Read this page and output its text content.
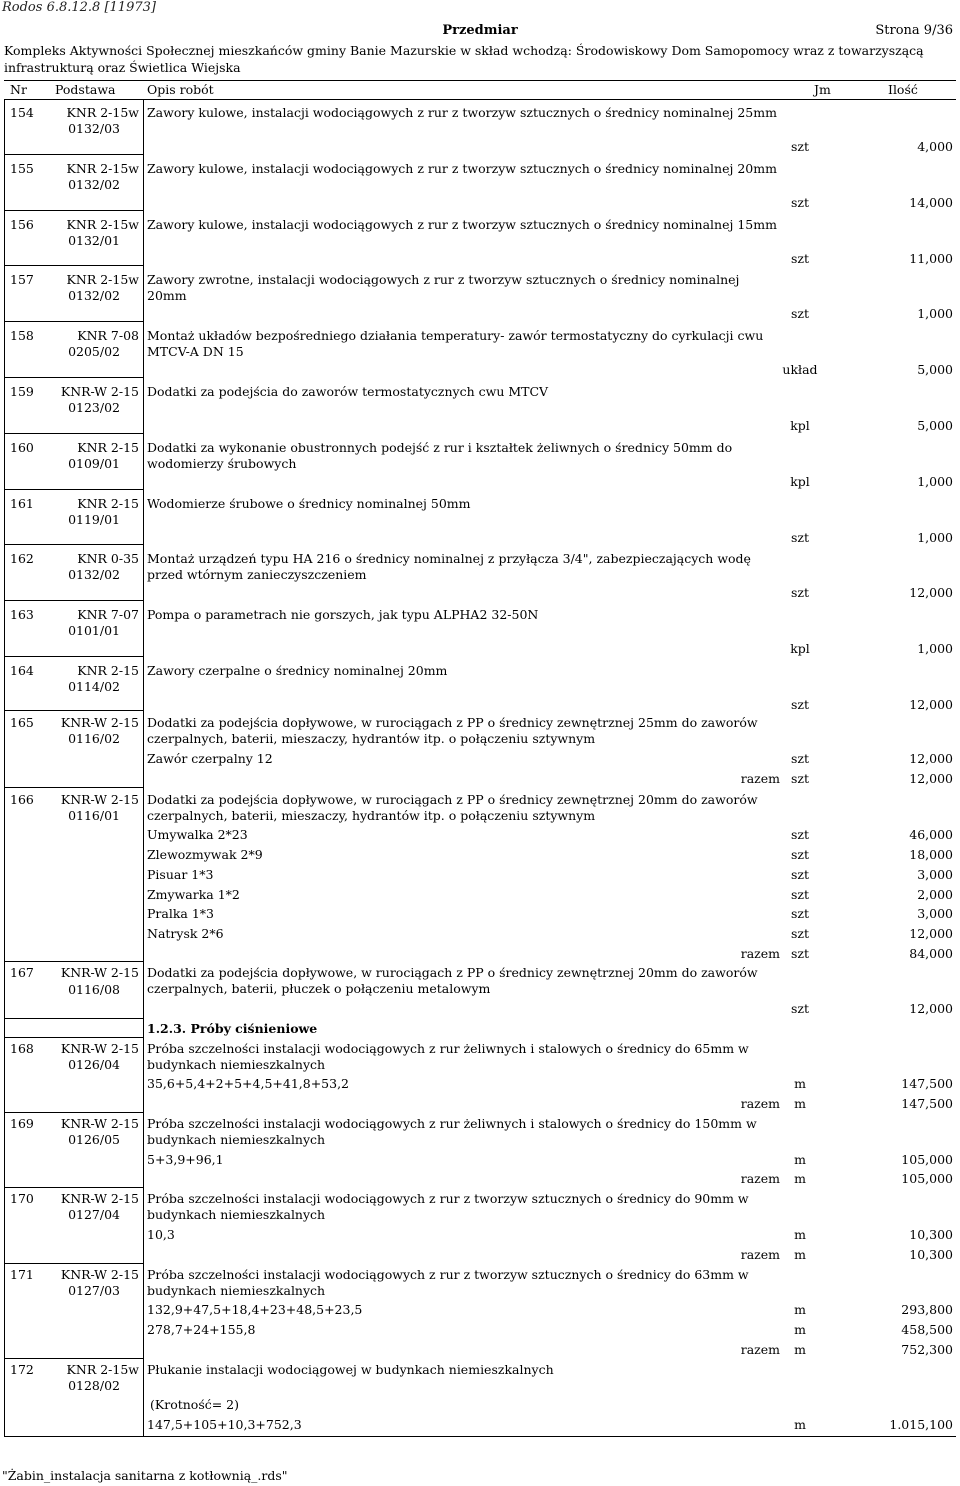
Rodos 6.8.12.8 [11973]
Przedmiar	Strona 9/36
Kompleks Aktywności Społecznej mieszkańców gminy Banie Mazurskie w skład wchodzą: Środowiskowy Dom Samopomocy wraz z towarzyszącą infrastrukturą oraz Świetlica Wiejska
Nr Podstawa	Opis robót	Jm	Ilość
154	KNR 2-15w
0132/03
Zawory kulowe, instalacji wodociągowych z rur z tworzyw sztucznych o średnicy nominalnej 25mm
szt	4,000
155	KNR 2-15w
0132/02
Zawory kulowe, instalacji wodociągowych z rur z tworzyw sztucznych o średnicy nominalnej 20mm
szt	14,000
156	KNR 2-15w
0132/01
Zawory kulowe, instalacji wodociągowych z rur z tworzyw sztucznych o średnicy nominalnej 15mm
szt	11,000
157	KNR 2-15w
0132/02
Zawory zwrotne, instalacji wodociągowych z rur z tworzyw sztucznych o średnicy nominalnej 20mm
szt	1,000
158	KNR 7-08
0205/02
Montaż układów bezpośredniego działania temperatury- zawór termostatyczny do cyrkulacji cwu MTCV-A DN 15
układ	5,000
159	KNR-W 2-15
0123/02
Dodatki za podejścia do zaworów termostatycznych cwu MTCV
kpl	5,000
160	KNR 2-15
0109/01
Dodatki za wykonanie obustronnych podejść z rur i kształtek żeliwnych o średnicy 50mm do wodomierzy śrubowych
kpl	1,000
161	KNR 2-15
0119/01
Wodomierze śrubowe o średnicy nominalnej 50mm
szt	1,000
162	KNR 0-35
0132/02
Montaż urządzeń typu HA 216 o średnicy nominalnej z przyłącza 3/4", zabezpieczających wodę przed wtórnym zanieczyszczeniem
szt	12,000
163	KNR 7-07
0101/01
Pompa o parametrach nie gorszych, jak typu ALPHA2 32-50N
kpl	1,000
164	KNR 2-15
0114/02
Zawory czerpalne o średnicy nominalnej 20mm
szt	12,000
165	KNR-W 2-15
0116/02
Dodatki za podejścia dopływowe, w rurociągach z PP o średnicy zewnętrznej 25mm do zaworów czerpalnych, baterii, mieszaczy, hydrantów itp. o połączeniu sztywnym
Zawór czerpalny 12	szt	12,000
razem szt	12,000
166	KNR-W 2-15
0116/01
Dodatki za podejścia dopływowe, w rurociągach z PP o średnicy zewnętrznej 20mm do zaworów czerpalnych, baterii, mieszaczy, hydrantów itp. o połączeniu sztywnym
Umywalka 2*23	szt	46,000
Zlewozmywak 2*9	szt	18,000
Pisuar 1*3	szt	3,000
Zmywarka 1*2	szt	2,000
Pralka 1*3	szt	3,000
Natrysk 2*6	szt	12,000
razem szt	84,000
167	KNR-W 2-15
0116/08
Dodatki za podejścia dopływowe, w rurociągach z PP o średnicy zewnętrznej 20mm do zaworów czerpalnych, baterii, płuczek o połączeniu metalowym
szt	12,000
1.2.3. Próby ciśnieniowe
168	KNR-W 2-15
0126/04
Próba szczelności instalacji wodociągowych z rur żeliwnych i stalowych o średnicy do 65mm w budynkach niemieszkalnych
35,6+5,4+2+5+4,5+41,8+53,2	m	147,500
razem	m	147,500
169	KNR-W 2-15
0126/05
Próba szczelności instalacji wodociągowych z rur żeliwnych i stalowych o średnicy do 150mm w budynkach niemieszkalnych
5+3,9+96,1	m	105,000
razem	m	105,000
170	KNR-W 2-15
0127/04
Próba szczelności instalacji wodociągowych z rur z tworzyw sztucznych o średnicy do 90mm w budynkach niemieszkalnych
10,3	m	10,300
razem	m	10,300
171	KNR-W 2-15
0127/03
Próba szczelności instalacji wodociągowych z rur z tworzyw sztucznych o średnicy do 63mm w budynkach niemieszkalnych
132,9+47,5+18,4+23+48,5+23,5	m	293,800
278,7+24+155,8	m	458,500
razem	m	752,300
172	KNR 2-15w
0128/02
Płukanie instalacji wodociągowej w budynkach niemieszkalnych
(Krotność= 2)
147,5+105+10,3+752,3	m	1.015,100
"Żabin_instalacja sanitarna z kotłownią_.rds"
